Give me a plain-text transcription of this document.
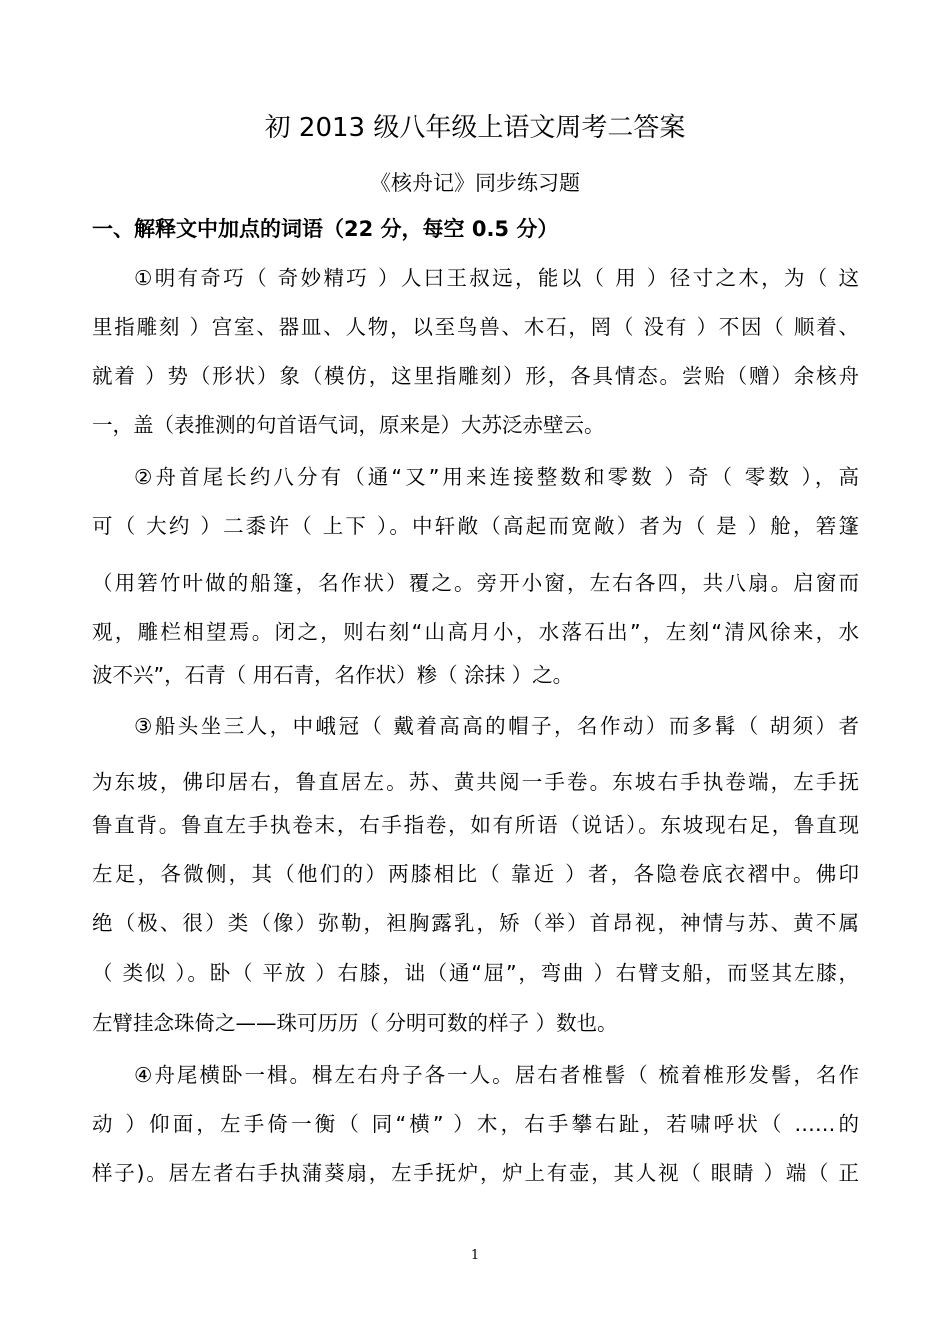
初 2013 级八年级上语文周考二答案
《核舟记》同步练习题
一、解释文中加点的词语（22 分，每空 0.5 分）
①明有奇巧（ 奇妙精巧 ）人曰王叔远，能以（ 用 ）径寸之木，为（ 这
里指雕刻 ）宫室、器皿、人物，以至鸟兽、木石，罔（ 没有 ）不因（ 顺着、
就着 ）势（形状）象（模仿，这里指雕刻）形，各具情态。尝贻（赠）余核舟
一，盖（表推测的句首语气词，原来是）大苏泛赤壁云。
②舟首尾长约八分有（通“又”用来连接整数和零数 ）奇（ 零数 ），高
可（ 大约 ）二黍许（ 上下 ）。中轩敞（高起而宽敞）者为（ 是 ）舱，箬篷
（用箬竹叶做的船篷，名作状）覆之。旁开小窗，左右各四，共八扇。启窗而
观，雕栏相望焉。闭之，则右刻“山高月小，水落石出”，左刻“清风徐来，水
波不兴”，石青（ 用石青，名作状）糁（ 涂抹 ）之。
③船头坐三人，中峨冠（ 戴着高高的帽子，名作动）而多髯（ 胡须）者
为东坡，佛印居右，鲁直居左。苏、黄共阅一手卷。东坡右手执卷端，左手抚
鲁直背。鲁直左手执卷末，右手指卷，如有所语（说话）。东坡现右足，鲁直现
左足，各微侧，其（他们的）两膝相比（ 靠近 ）者，各隐卷底衣褶中。佛印
绝（极、很）类（像）弥勒，袒胸露乳，矫（举）首昂视，神情与苏、黄不属
（ 类似 ）。卧（ 平放 ）右膝，诎（通“屈”，弯曲 ）右臂支船，而竖其左膝，
左臂挂念珠倚之——珠可历历（ 分明可数的样子 ）数也。
④舟尾横卧一楫。楫左右舟子各一人。居右者椎髻（ 梳着椎形发髻，名作
动 ）仰面，左手倚一衡（ 同“横” ）木，右手攀右趾，若啸呼状（ ……的
样子)。居左者右手执蒲葵扇，左手抚炉，炉上有壶，其人视（ 眼睛 ）端（ 正
1
